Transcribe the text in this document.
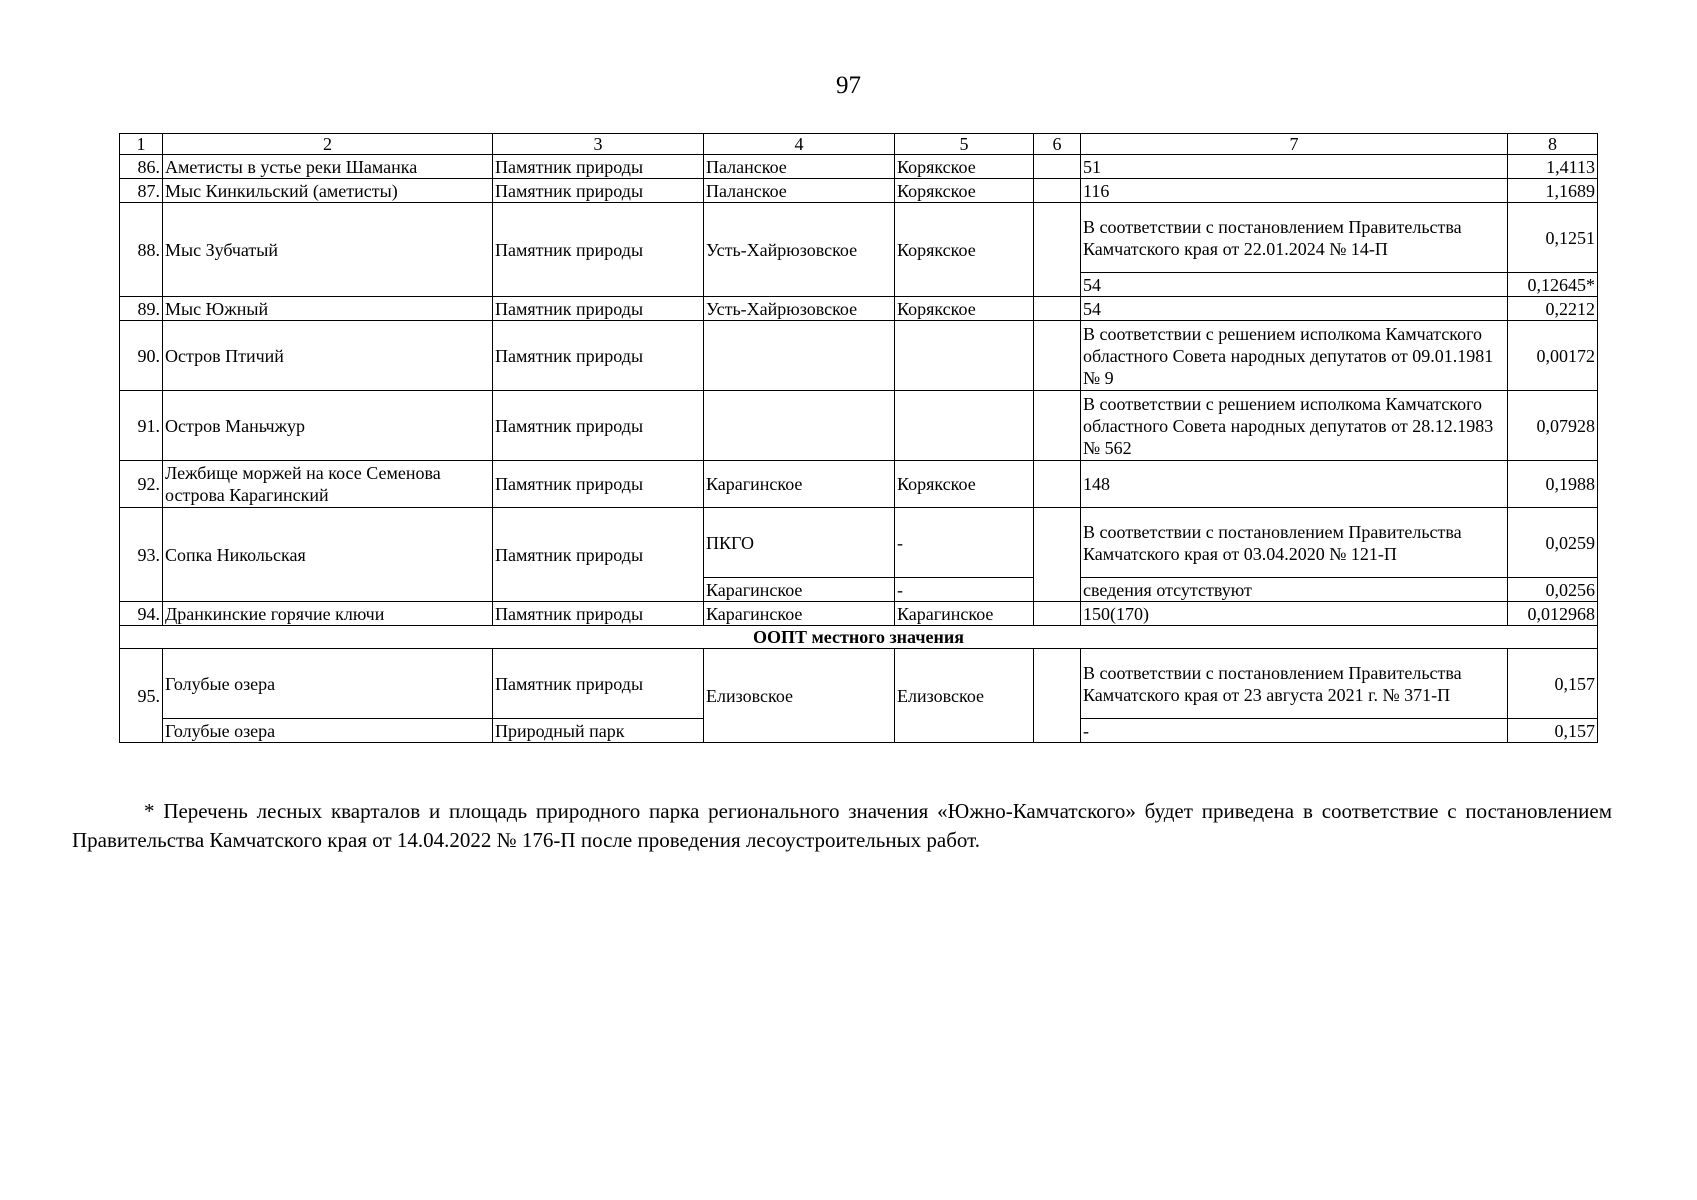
97
1	2	3	4	5	6	7	8
86.	Аметисты в устье реки Шаманка	Памятник природы	Паланское	Корякское		51	1,4113
87.	Мыс Кинкильский (аметисты)	Памятник природы	Паланское	Корякское		116	1,1689
88.	Мыс Зубчатый	Памятник природы	Усть-Хайрюзовское	Корякское		В соответствии с постановлением Правительства Камчатского края от 22.01.2024 № 14-П	0,1251
						54	0,12645*
89.	Мыс Южный	Памятник природы	Усть-Хайрюзовское	Корякское		54	0,2212
90.	Остров Птичий	Памятник природы				В соответствии с решением исполкома Камчатского областного Совета народных депутатов от 09.01.1981 № 9	0,00172
91.	Остров Маньчжур	Памятник природы				В соответствии с решением исполкома Камчатского областного Совета народных депутатов от 28.12.1983 № 562	0,07928
92.	Лежбище моржей на косе Семенова острова Карагинский	Памятник природы	Карагинское	Корякское		148	0,1988
93.	Сопка Никольская	Памятник природы	ПКГО	-		В соответствии с постановлением Правительства Камчатского края от 03.04.2020 № 121-П	0,0259
			Карагинское	-		сведения отсутствуют	0,0256
94.	Дранкинские горячие ключи	Памятник природы	Карагинское	Карагинское		150(170)	0,012968
ООПТ местного значения							
95.	Голубые озера	Памятник природы	Елизовское	Елизовское		В соответствии с постановлением Правительства Камчатского края от 23 августа 2021 г. № 371-П	0,157
	Голубые озера	Природный парк				-	0,157
* Перечень лесных кварталов и площадь природного парка регионального значения «Южно-Камчатского» будет приведена в соответствие с постановлением Правительства Камчатского края от 14.04.2022 № 176-П после проведения лесоустроительных работ.
